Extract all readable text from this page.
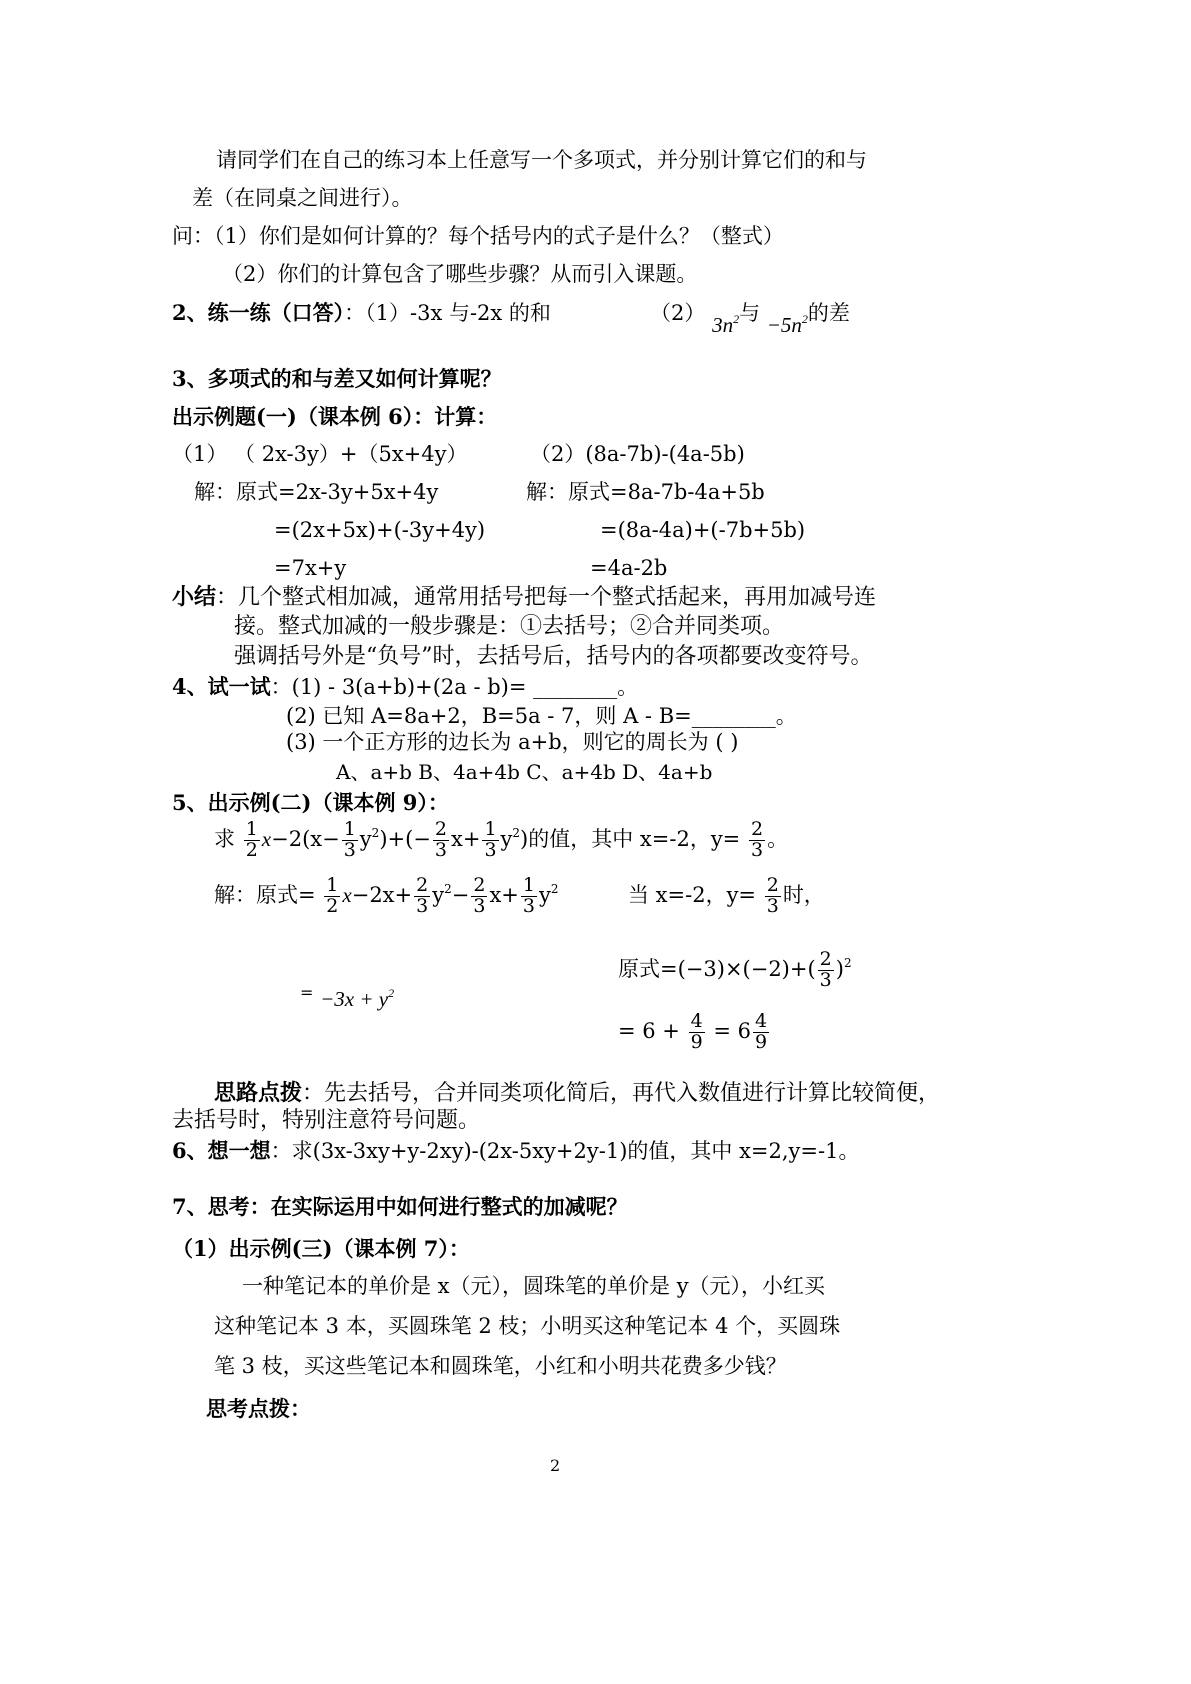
请同学们在自己的练习本上任意写一个多项式，并分别计算它们的和与
差（在同桌之间进行）。
问：（1）你们是如何计算的？每个括号内的式子是什么？（整式）
（2）你们的计算包含了哪些步骤？从而引入课题。
2、练一练（口答）：（1）-3x 与-2x 的和	（2） $3n^2$与 $-5n^2$的差
3、多项式的和与差又如何计算呢？
出示例题(一)（课本例 6）：计算：
（1） （ 2x-3y）+（5x+4y）	（2）(8a-7b)-(4a-5b)
解：原式=2x-3y+5x+4y	解：原式=8a-7b-4a+5b
=(2x+5x)+(-3y+4y)	=(8a-4a)+(-7b+5b)
=7x+y	=4a-2b
小结：几个整式相加减，通常用括号把每一个整式括起来，再用加减号连
接。整式加减的一般步骤是：①去括号；②合并同类项。
强调括号外是“负号”时，去括号后，括号内的各项都要改变符号。
4、试一试：(1) - 3(a+b)+(2a - b)= ________。
(2) 已知 A=8a+2，B=5a - 7，则 A - B=________。
(3) 一个正方形的边长为 a+b，则它的周长为 ( )
A、a+b B、4a+4b C、a+4b D、4a+b
5、出示例(二)（课本例 9）：
求 $\frac{1}{2} x-2(x- \frac{1}{3} y^2)+(- \frac{2}{3} x+ \frac{1}{3} y^2)$的值，其中 x=-2，$y= \frac{2}{3}$ 。
解：原式= $\frac{1}{2} x-2x+ \frac{2}{3} y^2- \frac{2}{3} x+ \frac{1}{3} y^2$	当 x=-2，$y= \frac{2}{3}$ 时，
原式$=(-3)\times(-2)+( \frac{2}{3} )^2$
$^= -3x + y^2$
= $6 + \frac{4}{9} = 6 \frac{4}{9}$
思路点拨：先去括号，合并同类项化简后，再代入数值进行计算比较简便，
去括号时，特别注意符号问题。
6、想一想：求(3x-3xy+y-2xy)-(2x-5xy+2y-1)的值，其中 x=2,y=-1。
7、思考：在实际运用中如何进行整式的加减呢？
（1）出示例(三)（课本例 7）：
一种笔记本的单价是 x（元），圆珠笔的单价是 y（元），小红买
这种笔记本 3 本，买圆珠笔 2 枝；小明买这种笔记本 4 个，买圆珠
笔 3 枝，买这些笔记本和圆珠笔，小红和小明共花费多少钱？
思考点拨：
2
